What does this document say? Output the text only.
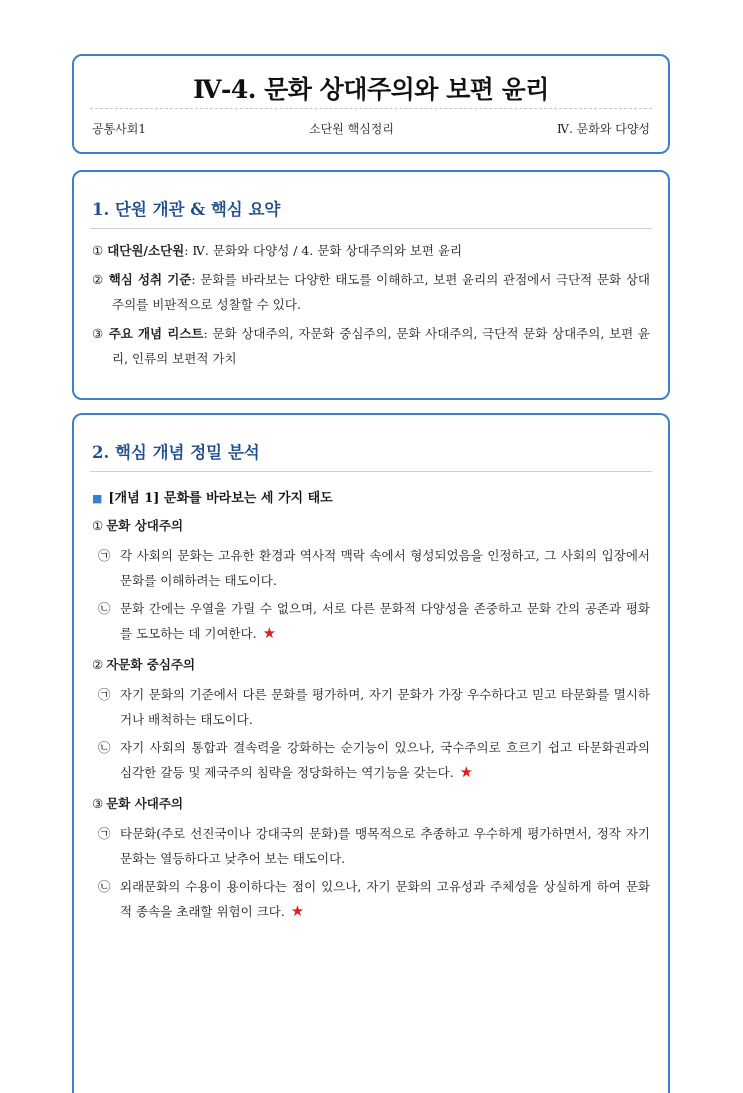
Ⅳ-4. 문화 상대주의와 보편 윤리
공통사회1	소단원 핵심정리	Ⅳ. 문화와 다양성
1. 단원 개관 & 핵심 요약
① 대단원/소단원: Ⅳ. 문화와 다양성 / 4. 문화 상대주의와 보편 윤리
② 핵심 성취 기준: 문화를 바라보는 다양한 태도를 이해하고, 보편 윤리의 관점에서 극단적 문화 상대주의를 비판적으로 성찰할 수 있다.
③ 주요 개념 리스트: 문화 상대주의, 자문화 중심주의, 문화 사대주의, 극단적 문화 상대주의, 보편 윤리, 인류의 보편적 가치
2. 핵심 개념 정밀 분석
■ [개념 1] 문화를 바라보는 세 가지 태도
① 문화 상대주의
㉠ 각 사회의 문화는 고유한 환경과 역사적 맥락 속에서 형성되었음을 인정하고, 그 사회의 입장에서 문화를 이해하려는 태도이다.
㉡ 문화 간에는 우열을 가릴 수 없으며, 서로 다른 문화적 다양성을 존중하고 문화 간의 공존과 평화를 도모하는 데 기여한다. ★
② 자문화 중심주의
㉠ 자기 문화의 기준에서 다른 문화를 평가하며, 자기 문화가 가장 우수하다고 믿고 타문화를 멸시하거나 배척하는 태도이다.
㉡ 자기 사회의 통합과 결속력을 강화하는 순기능이 있으나, 국수주의로 흐르기 쉽고 타문화권과의 심각한 갈등 및 제국주의 침략을 정당화하는 역기능을 갖는다. ★
③ 문화 사대주의
㉠ 타문화(주로 선진국이나 강대국의 문화)를 맹목적으로 추종하고 우수하게 평가하면서, 정작 자기 문화는 열등하다고 낮추어 보는 태도이다.
㉡ 외래문화의 수용이 용이하다는 점이 있으나, 자기 문화의 고유성과 주체성을 상실하게 하여 문화적 종속을 초래할 위험이 크다. ★
